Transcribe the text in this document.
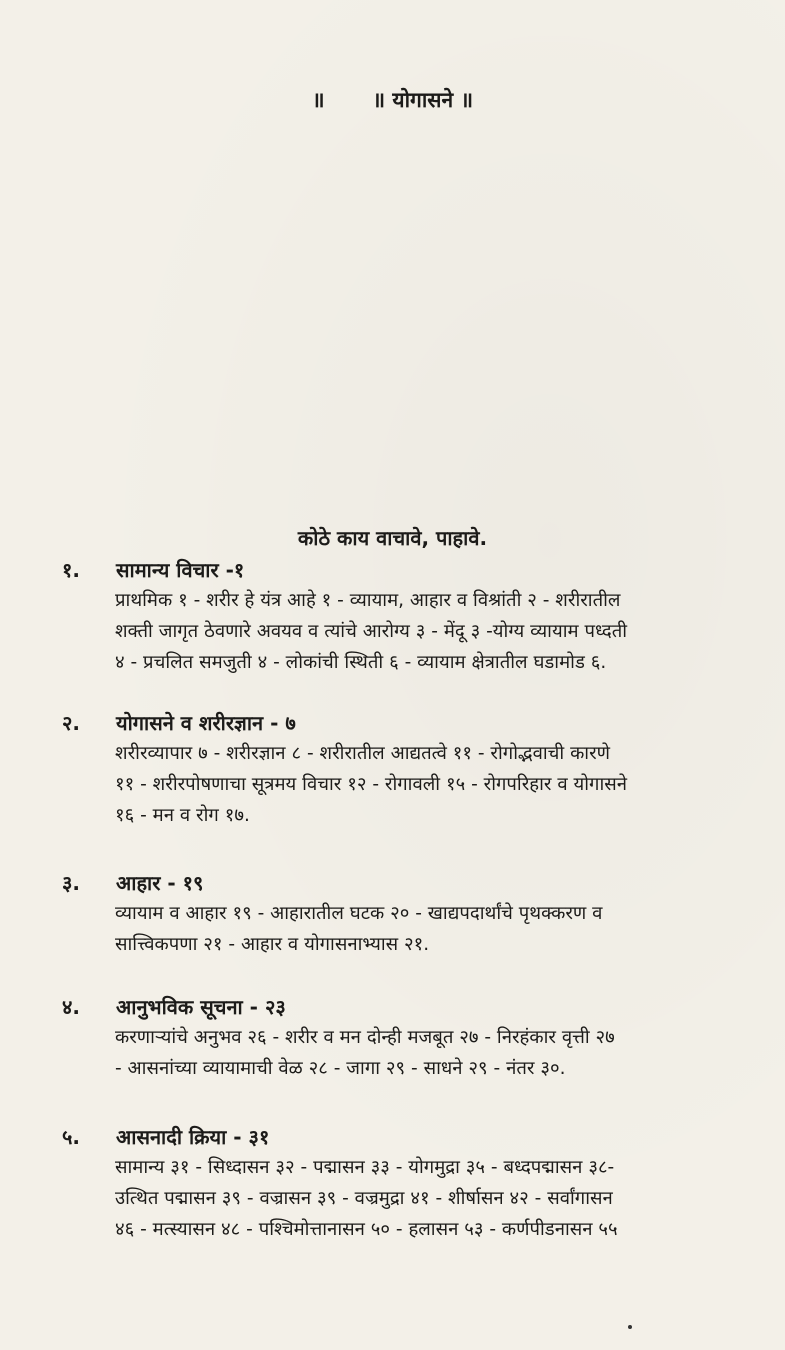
॥ ॥ योगासने ॥
कोठे काय वाचावे, पाहावे.
१. सामान्य विचार -१
प्राथमिक १ - शरीर हे यंत्र आहे १ - व्यायाम, आहार व विश्रांती २ - शरीरातील
शक्ती जागृत ठेवणारे अवयव व त्यांचे आरोग्य ३ - मेंदू ३ -योग्य व्यायाम पध्दती
४ - प्रचलित समजुती ४ - लोकांची स्थिती ६ - व्यायाम क्षेत्रातील घडामोड ६.
२. योगासने व शरीरज्ञान - ७
शरीरव्यापार ७ - शरीरज्ञान ८ - शरीरातील आद्यतत्वे ११ - रोगोद्भवाची कारणे
११ - शरीरपोषणाचा सूत्रमय विचार १२ - रोगावली १५ - रोगपरिहार व योगासने
१६ - मन व रोग १७.
३. आहार - १९
व्यायाम व आहार १९ - आहारातील घटक २० - खाद्यपदार्थांचे पृथक्करण व
सात्त्विकपणा २१ - आहार व योगासनाभ्यास २१.
४. आनुभविक सूचना - २३
करणाऱ्यांचे अनुभव २६ - शरीर व मन दोन्ही मजबूत २७ - निरहंकार वृत्ती २७
- आसनांच्या व्यायामाची वेळ २८ - जागा २९ - साधने २९ - नंतर ३०.
५. आसनादी क्रिया - ३१
सामान्य ३१ - सिध्दासन ३२ - पद्मासन ३३ - योगमुद्रा ३५ - बध्दपद्मासन ३८-
उत्थित पद्मासन ३९ - वज्रासन ३९ - वज्रमुद्रा ४१ - शीर्षासन ४२ - सर्वांगासन
४६ - मत्स्यासन ४८ - पश्चिमोत्तानासन ५० - हलासन ५३ - कर्णपीडनासन ५५
